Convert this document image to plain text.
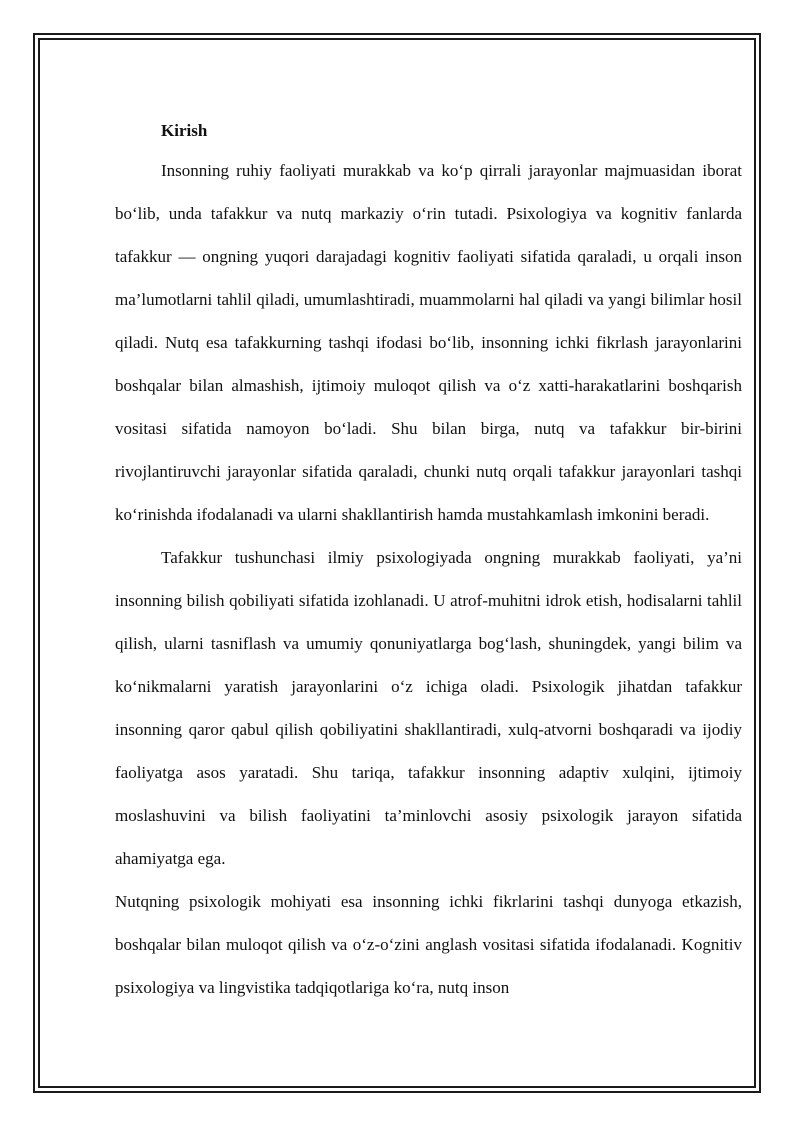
Kirish

Insonning ruhiy faoliyati murakkab va ko‘p qirrali jarayonlar majmuasidan iborat bo‘lib, unda tafakkur va nutq markaziy o‘rin tutadi. Psixologiya va kognitiv fanlarda tafakkur — ongning yuqori darajadagi kognitiv faoliyati sifatida qaraladi, u orqali inson ma’lumotlarni tahlil qiladi, umumlashtiradi, muammolarni hal qiladi va yangi bilimlar hosil qiladi. Nutq esa tafakkurning tashqi ifodasi bo‘lib, insonning ichki fikrlash jarayonlarini boshqalar bilan almashish, ijtimoiy muloqot qilish va o‘z xatti-harakatlarini boshqarish vositasi sifatida namoyon bo‘ladi. Shu bilan birga, nutq va tafakkur bir-birini rivojlantiruvchi jarayonlar sifatida qaraladi, chunki nutq orqali tafakkur jarayonlari tashqi ko‘rinishda ifodalanadi va ularni shakllantirish hamda mustahkamlash imkonini beradi.

Tafakkur tushunchasi ilmiy psixologiyada ongning murakkab faoliyati, ya’ni insonning bilish qobiliyati sifatida izohlanadi. U atrof-muhitni idrok etish, hodisalarni tahlil qilish, ularni tasniflash va umumiy qonuniyatlarga bog‘lash, shuningdek, yangi bilim va ko‘nikmalarni yaratish jarayonlarini o‘z ichiga oladi. Psixologik jihatdan tafakkur insonning qaror qabul qilish qobiliyatini shakllantiradi, xulq-atvorni boshqaradi va ijodiy faoliyatga asos yaratadi. Shu tariqa, tafakkur insonning adaptiv xulqini, ijtimoiy moslashuvini va bilish faoliyatini ta’minlovchi asosiy psixologik jarayon sifatida ahamiyatga ega.

Nutqning psixologik mohiyati esa insonning ichki fikrlarini tashqi dunyoga etkazish, boshqalar bilan muloqot qilish va o‘z-o‘zini anglash vositasi sifatida ifodalanadi. Kognitiv psixologiya va lingvistika tadqiqotlariga ko‘ra, nutq inson
